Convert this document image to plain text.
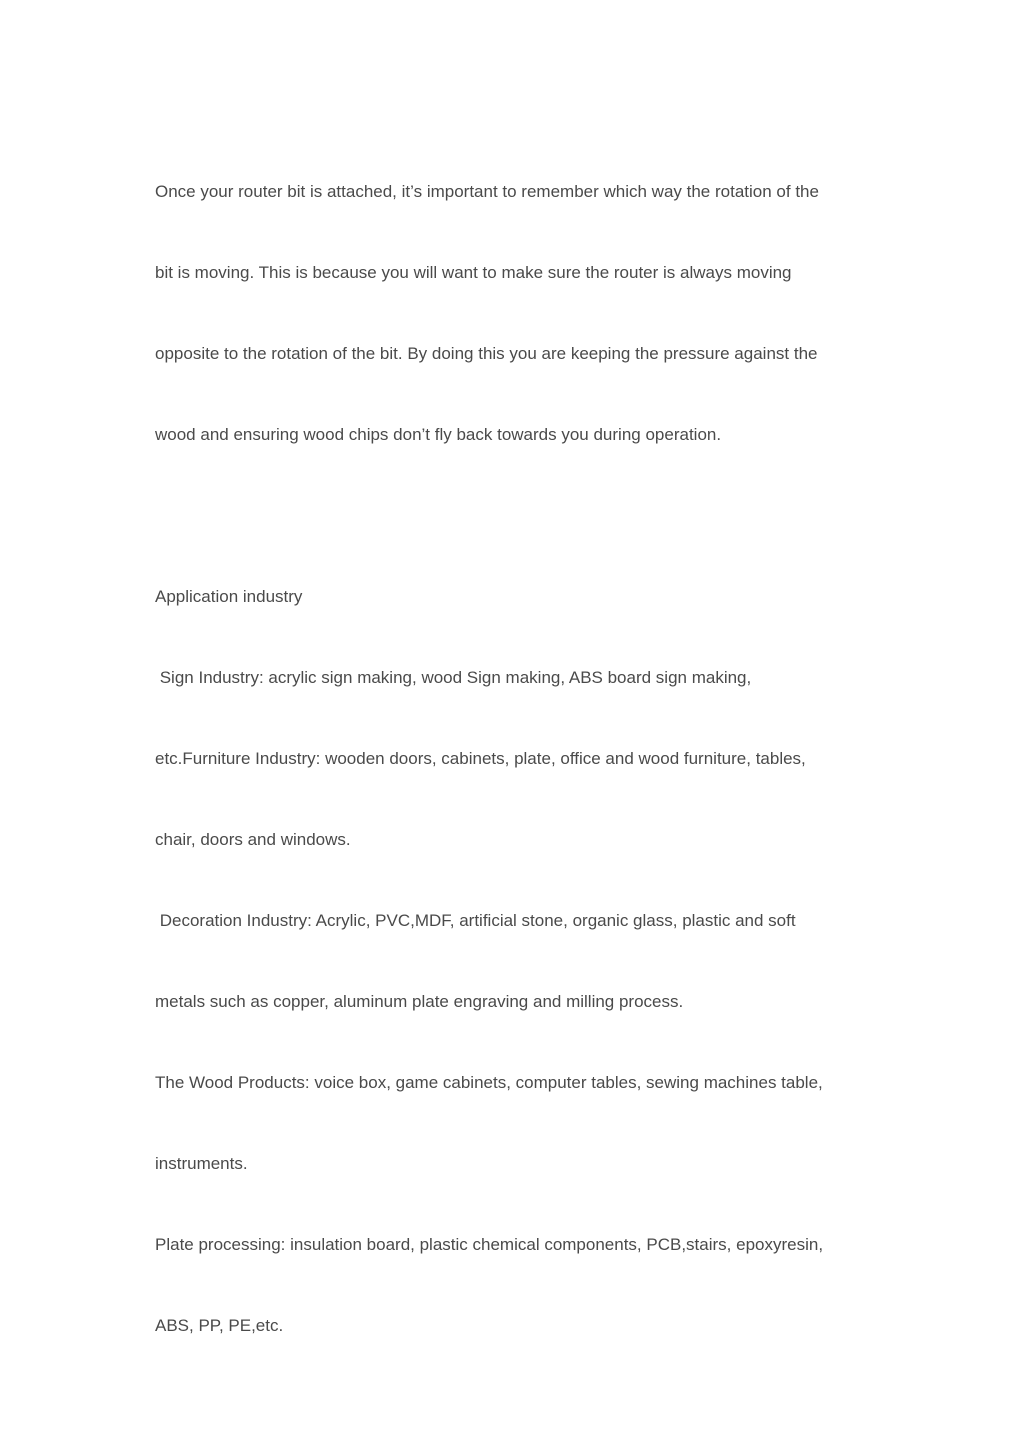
Once your router bit is attached, it’s important to remember which way the rotation of the

bit is moving. This is because you will want to make sure the router is always moving

opposite to the rotation of the bit. By doing this you are keeping the pressure against the

wood and ensuring wood chips don’t fly back towards you during operation.

Application industry

Sign Industry: acrylic sign making, wood Sign making, ABS board sign making,

etc.Furniture Industry: wooden doors, cabinets, plate, office and wood furniture, tables,

chair, doors and windows.

Decoration Industry: Acrylic, PVC,MDF, artificial stone, organic glass, plastic and soft

metals such as copper, aluminum plate engraving and milling process.

The Wood Products: voice box, game cabinets, computer tables, sewing machines table,

instruments.

Plate processing: insulation board, plastic chemical components, PCB,stairs, epoxyresin,

ABS, PP, PE,etc.
